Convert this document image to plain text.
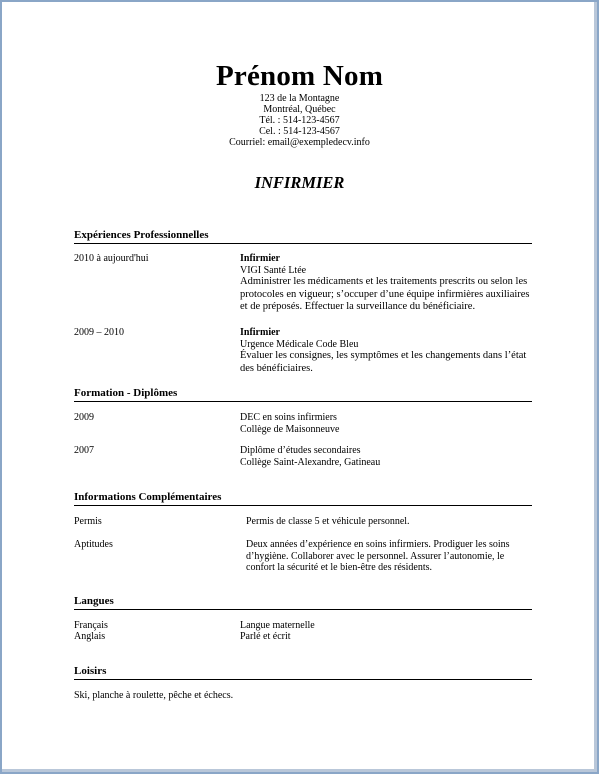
Prénom Nom
123 de la Montagne
Montréal, Québec
Tél. : 514-123-4567
Cel. : 514-123-4567
Courriel: email@exempledecv.info
INFIRMIER
Expériences Professionnelles
2010 à aujourd'hui	Infirmier
VIGI Santé Ltée
Administrer les médicaments et les traitements prescrits ou selon les protocoles en vigueur; s’occuper d’une équipe infirmières auxiliaires et de préposés. Effectuer la surveillance du bénéficiaire.
2009 – 2010	Infirmier
Urgence Médicale Code Bleu
Évaluer les consignes, les symptômes et les changements dans l’état des bénéficiaires.
Formation - Diplômes
2009	DEC en soins infirmiers
Collège de Maisonneuve
2007	Diplôme d’études secondaires
Collège Saint-Alexandre, Gatineau
Informations Complémentaires
Permis	Permis de classe 5 et véhicule personnel.
Aptitudes	Deux années d’expérience en soins infirmiers. Prodiguer les soins d’hygiène. Collaborer avec le personnel. Assurer l’autonomie, le confort la sécurité et le bien-être des résidents.
Langues
Français	Langue maternelle
Anglais	Parlé et écrit
Loisirs
Ski, planche à roulette, pêche et échecs.
